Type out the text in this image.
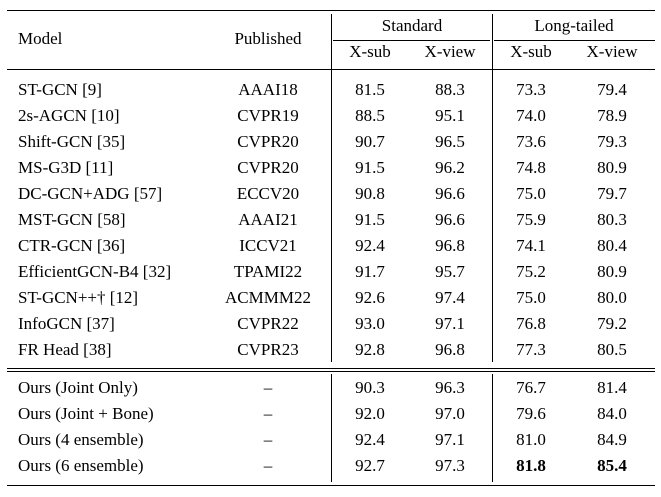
Model	Published
Standard	Long-tailed
X-sub X-view X-sub X-view
ST-GCN [9]	AAAI18	81.5	88.3	73.3	79.4
2s-AGCN [10]	CVPR19	88.5	95.1	74.0	78.9
Shift-GCN [35]	CVPR20	90.7	96.5	73.6	79.3
MS-G3D [11]	CVPR20	91.5	96.2	74.8	80.9
DC-GCN+ADG [57]	ECCV20	90.8	96.6	75.0	79.7
MST-GCN [58]	AAAI21	91.5	96.6	75.9	80.3
CTR-GCN [36]	ICCV21	92.4	96.8	74.1	80.4
EfficientGCN-B4 [32]	TPAMI22	91.7	95.7	75.2	80.9
ST-GCN++† [12]	ACMMM22	92.6	97.4	75.0	80.0
InfoGCN [37]	CVPR22	93.0	97.1	76.8	79.2
FR Head [38]	CVPR23	92.8	96.8	77.3	80.5
Ours (Joint Only)	–	90.3	96.3	76.7	81.4
Ours (Joint + Bone)	–	92.0	97.0	79.6	84.0
Ours (4 ensemble)	–	92.4	97.1	81.0	84.9
Ours (6 ensemble)	–	92.7	97.3	81.8	85.4
